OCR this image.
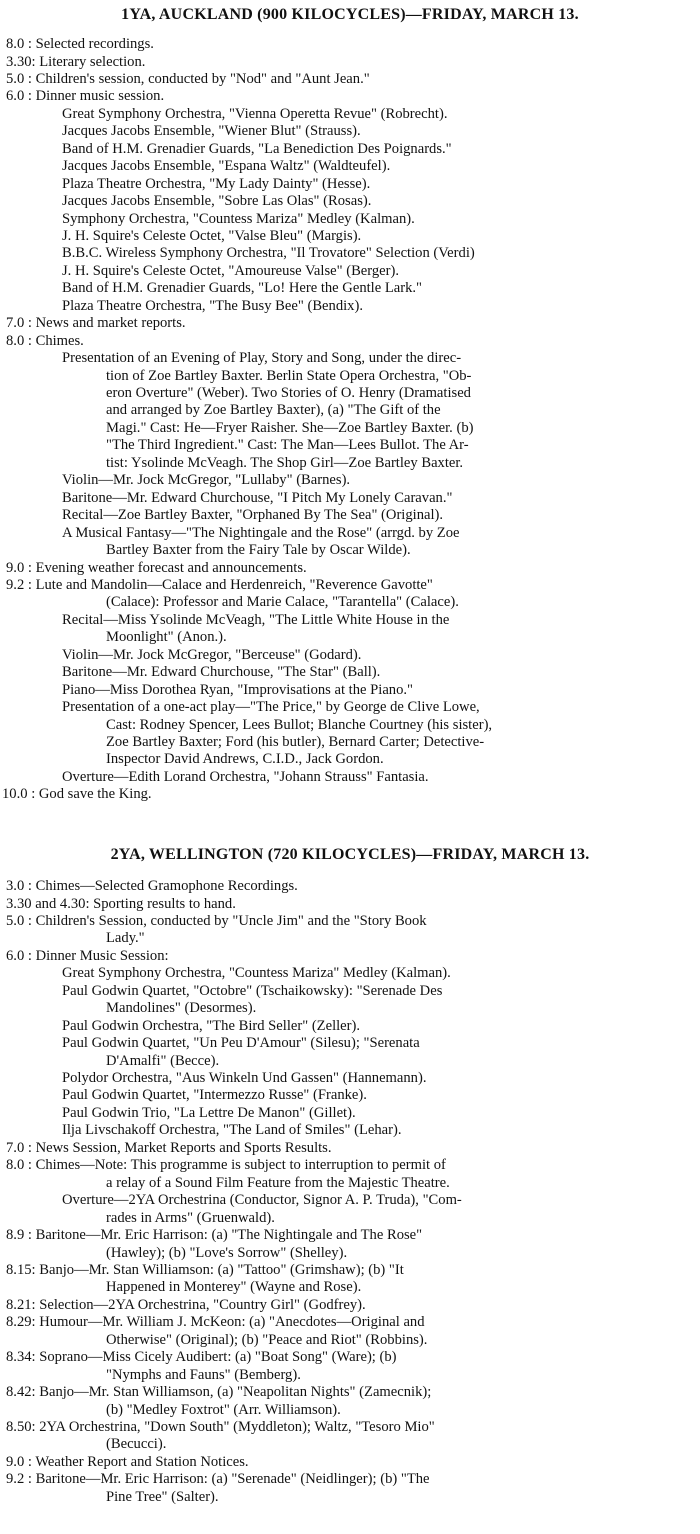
1YA, AUCKLAND (900 KILOCYCLES)—FRIDAY, MARCH 13.
8.0 : Selected recordings.
3.30: Literary selection.
5.0 : Children's session, conducted by "Nod" and "Aunt Jean."
6.0 : Dinner music session.
Great Symphony Orchestra, "Vienna Operetta Revue" (Robrecht).
Jacques Jacobs Ensemble, "Wiener Blut" (Strauss).
Band of H.M. Grenadier Guards, "La Benediction Des Poignards."
Jacques Jacobs Ensemble, "Espana Waltz" (Waldteufel).
Plaza Theatre Orchestra, "My Lady Dainty" (Hesse).
Jacques Jacobs Ensemble, "Sobre Las Olas" (Rosas).
Symphony Orchestra, "Countess Mariza" Medley (Kalman).
J. H. Squire's Celeste Octet, "Valse Bleu" (Margis).
B.B.C. Wireless Symphony Orchestra, "Il Trovatore" Selection (Verdi)
J. H. Squire's Celeste Octet, "Amoureuse Valse" (Berger).
Band of H.M. Grenadier Guards, "Lo! Here the Gentle Lark."
Plaza Theatre Orchestra, "The Busy Bee" (Bendix).
7.0 : News and market reports.
8.0 : Chimes.
Presentation of an Evening of Play, Story and Song, under the direc-
tion of Zoe Bartley Baxter. Berlin State Opera Orchestra, "Ob-
eron Overture" (Weber). Two Stories of O. Henry (Dramatised
and arranged by Zoe Bartley Baxter), (a) "The Gift of the
Magi." Cast: He—Fryer Raisher. She—Zoe Bartley Baxter. (b)
"The Third Ingredient." Cast: The Man—Lees Bullot. The Ar-
tist: Ysolinde McVeagh. The Shop Girl—Zoe Bartley Baxter.
Violin—Mr. Jock McGregor, "Lullaby" (Barnes).
Baritone—Mr. Edward Churchouse, "I Pitch My Lonely Caravan."
Recital—Zoe Bartley Baxter, "Orphaned By The Sea" (Original).
A Musical Fantasy—"The Nightingale and the Rose" (arrgd. by Zoe
Bartley Baxter from the Fairy Tale by Oscar Wilde).
9.0 : Evening weather forecast and announcements.
9.2 : Lute and Mandolin—Calace and Herdenreich, "Reverence Gavotte"
(Calace): Professor and Marie Calace, "Tarantella" (Calace).
Recital—Miss Ysolinde McVeagh, "The Little White House in the
Moonlight" (Anon.).
Violin—Mr. Jock McGregor, "Berceuse" (Godard).
Baritone—Mr. Edward Churchouse, "The Star" (Ball).
Piano—Miss Dorothea Ryan, "Improvisations at the Piano."
Presentation of a one-act play—"The Price," by George de Clive Lowe,
Cast: Rodney Spencer, Lees Bullot; Blanche Courtney (his sister),
Zoe Bartley Baxter; Ford (his butler), Bernard Carter; Detective-
Inspector David Andrews, C.I.D., Jack Gordon.
Overture—Edith Lorand Orchestra, "Johann Strauss" Fantasia.
10.0 : God save the King.
2YA, WELLINGTON (720 KILOCYCLES)—FRIDAY, MARCH 13.
3.0 : Chimes—Selected Gramophone Recordings.
3.30 and 4.30: Sporting results to hand.
5.0 : Children's Session, conducted by "Uncle Jim" and the "Story Book
Lady."
6.0 : Dinner Music Session:
Great Symphony Orchestra, "Countess Mariza" Medley (Kalman).
Paul Godwin Quartet, "Octobre" (Tschaikowsky): "Serenade Des
Mandolines" (Desormes).
Paul Godwin Orchestra, "The Bird Seller" (Zeller).
Paul Godwin Quartet, "Un Peu D'Amour" (Silesu); "Serenata
D'Amalfi" (Becce).
Polydor Orchestra, "Aus Winkeln Und Gassen" (Hannemann).
Paul Godwin Quartet, "Intermezzo Russe" (Franke).
Paul Godwin Trio, "La Lettre De Manon" (Gillet).
Ilja Livschakoff Orchestra, "The Land of Smiles" (Lehar).
7.0 : News Session, Market Reports and Sports Results.
8.0 : Chimes—Note: This programme is subject to interruption to permit of
a relay of a Sound Film Feature from the Majestic Theatre.
Overture—2YA Orchestrina (Conductor, Signor A. P. Truda), "Com-
rades in Arms" (Gruenwald).
8.9 : Baritone—Mr. Eric Harrison: (a) "The Nightingale and The Rose"
(Hawley); (b) "Love's Sorrow" (Shelley).
8.15: Banjo—Mr. Stan Williamson: (a) "Tattoo" (Grimshaw); (b) "It
Happened in Monterey" (Wayne and Rose).
8.21: Selection—2YA Orchestrina, "Country Girl" (Godfrey).
8.29: Humour—Mr. William J. McKeon: (a) "Anecdotes—Original and
Otherwise" (Original); (b) "Peace and Riot" (Robbins).
8.34: Soprano—Miss Cicely Audibert: (a) "Boat Song" (Ware); (b)
"Nymphs and Fauns" (Bemberg).
8.42: Banjo—Mr. Stan Williamson, (a) "Neapolitan Nights" (Zamecnik);
(b) "Medley Foxtrot" (Arr. Williamson).
8.50: 2YA Orchestrina, "Down South" (Myddleton); Waltz, "Tesoro Mio"
(Becucci).
9.0 : Weather Report and Station Notices.
9.2 : Baritone—Mr. Eric Harrison: (a) "Serenade" (Neidlinger); (b) "The
Pine Tree" (Salter).
